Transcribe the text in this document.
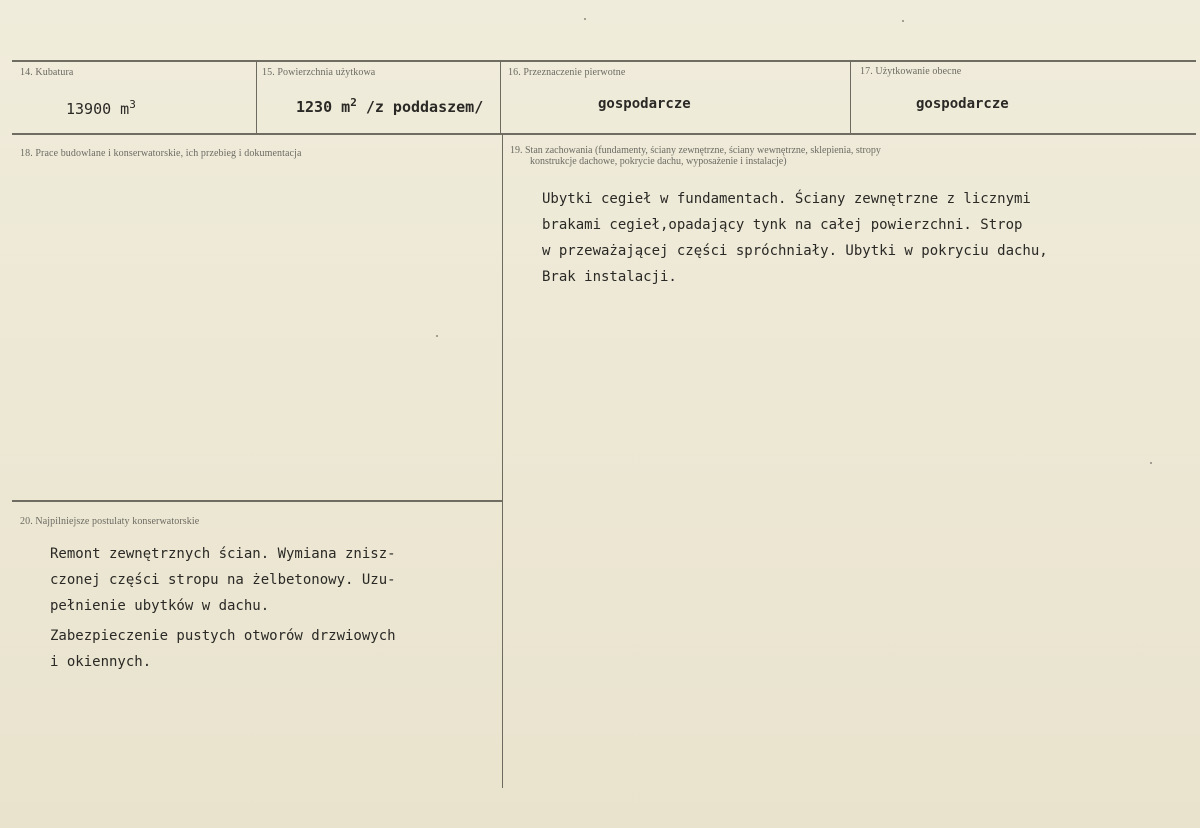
14. Kubatura
13900 $m^3$
15. Powierzchnia użytkowa
1230 $m^2$ /z poddaszem/
16. Przeznaczenie pierwotne
gospodarcze
17. Użytkowanie obecne
gospodarcze
18. Prace budowlane i konserwatorskie, ich przebieg i dokumentacja	19. Stan zachowania (fundamenty, ściany zewnętrzne, ściany wewnętrzne, sklepienia, stropy
konstrukcje dachowe, pokrycie dachu, wyposażenie i instalacje)
Ubytki cegieł w fundamentach. Ściany zewnętrzne z licznymi
brakami cegieł,opadający tynk na całej powierzchni. Strop
w przeważającej części spróchniały. Ubytki w pokryciu dachu,
Brak instalacji.
20. Najpilniejsze postulaty konserwatorskie
Remont zewnętrznych ścian. Wymiana znisz-
czonej części stropu na żelbetonowy. Uzu-
pełnienie ubytków w dachu.
Zabezpieczenie pustych otworów drzwiowych
i okiennych.
